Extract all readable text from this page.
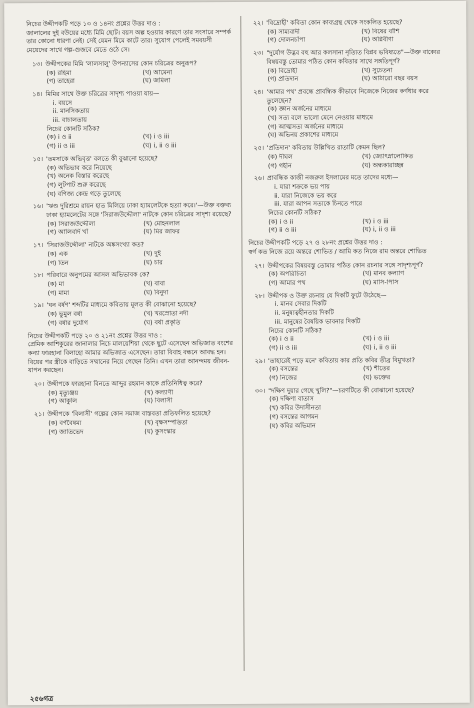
নিচের উদ্দীপকটি পড়ে ১৩ ও ১৪নং প্রশ্নের উত্তর দাও :
জালালের দুই বউয়ের মধ্যে মিমি ছোট। বয়স অল্প হওয়ার কারণে তার সংসারে সম্পর্ক তার কোনো ধারণা নেই। সেই যেমন মিমে কাটে তার। সুযোগ পেলেই সমবয়সী মেয়েদের সাথে গল্প-গুজবে মেতে ওঠে সে।
১৩। উদ্দীপকের মিমি 'লালসালু' উপন্যাসের কোন চরিত্রের অনুরূপ?
(ক) রহিমা	(খ) আমেনা
(গ) তাহেরা	(ঘ) জমিলা
১৪। মিমির সাথে উক্ত চরিত্রের সাদৃশ্য পাওয়া যায়—
i. বয়সে
ii. মানসিকতায়
iii. বাচালতায়
নিচের কোনটি সঠিক?
(ক) i ও ii	(খ) i ও iii
(গ) ii ও iii	(ঘ) i, ii ও iii
১৫। 'তমসাকে অভিবৃত্ত' বলতে কী বুঝানো হয়েছে?
(ক) অভিভাব করে নিয়েছে
(খ) অনেক বিস্তার করেছে
(গ) লুটপাট শুরু করেছে
(ঘ) বণিজ্য কেন্দ্র গড়ে তুলেছে
১৬। 'ঋণ্ড দুরিশ্রমে রায়ন হাত মিলিয়ে ঢাকা হ্যামলেটকে হত্যা করে।'—উক্ত বক্তব্য ঢাকা হ্যামলেটের সঙ্গে 'সিরাজউদ্দৌলা' নাটকে কোন চরিত্রের সাদৃশ্য রয়েছে?
(ক) সিরাজউদ্দৌলা	(খ) মোহনলাল
(গ) আলিবর্দি খাঁ	(ঘ) মির জাফর
১৭। 'সিরাজউদ্দৌলা' নাটকে অঙ্কসংখ্যা কত?
(ক) এক	(খ) দুই
(গ) তিন	(ঘ) চার
১৮। পরিবারে অনুপমের আসল অভিভাবক কে?
(ক) মা	(খ) বাবা
(গ) মামা	(ঘ) বিনুদা
১৯। 'ঘন বর্ষণ' শব্দটির মাধ্যমে কবিতায় মূলত কী বোঝানো হয়েছে?
(ক) ভুমুল বর্ষা	(খ) খরস্রোতা নদী
(গ) বর্ষার দুর্যোগ	(ঘ) বর্ষা প্রকৃতি
নিচের উদ্দীপকটি পড়ে ২০ ও ২১নং প্রশ্নের উত্তর দাও :
প্রেমিক আশিকুরের জানালার নিচে মালয়েশিয়া থেকে ছুটে এসেছেন অভিজাত বংশের কন্যা ফারহানা বিলাহো আমার অভিজাত এসেছেন। তারা বিবাহ বন্ধনে আবদ্ধ হন। বিয়ের পর স্ত্রীকে বাড়িতে সম্মানের নিয়ে গেছেন তিনি। এখন তারা আনন্দময় জীবন-যাপন করছেন।
২০। উদ্দীপকে ফারহানা বিনতে আব্দুর রহমান কাকে প্রতিনিধিত্ব করে?
(ক) মৃত্যুঞ্জয়	(খ) কল্যাণী
(গ) আকুলি	(ঘ) বিলাসী
২১। উদ্দীপকে 'বিলাসী' গল্পের কোন সমাজ বাস্তবতা প্রতিফলিত হয়েছে?
(ক) বর্ণবৈষম্য	(খ) বৃক্ষসম্পত্তিতা
(গ) জাতিভেদ	(ঘ) কুসংস্কার
২২। 'বিদ্রোহী' কবিতা কোন কাব্যগ্রন্থ থেকে সংকলিত হয়েছে?
(ক) সাম্যবাদী	(খ) বিষের বাঁশি
(গ) দোলনচাঁপা	(ঘ) অগ্নিবীণা
২৩। "দুর্যোগ উদ্ভব বহু আর কলসানা নৃত্যিত বিপ্লব ভবিষ্যতে"—উক্ত বাক্যের বিষয়বস্তু তোমার পঠিত কোন কবিতার সাথে সঙ্গতিপূর্ণ?
(ক) বিদ্রোহী	(খ) সুচেতনা
(গ) প্রতিদান	(ঘ) আঠারো বছর বয়স
২৪। 'আমার পথ' প্রবন্ধে প্রাবন্ধিক কীভাবে নিজেকে নিজের কর্ণধার করে তুলেছেন?
(ক) জ্ঞান অর্জনের মাধ্যমে
(খ) সত্য বলে ভালো মেনে নেওয়ার মাধ্যমে
(গ) আত্মসত্য অর্জনের মাধ্যমে
(ঘ) অভিনয় প্রকাশের মাধ্যমে
২৫। 'প্রতিদান' কবিতায় উল্লিখিত রাতাটি কেমন ছিল?
(ক) দীঘল	(খ) জ্যোৎস্নালোকিত
(গ) গহীন	(ঘ) অন্ধকারাচ্ছন্ন
২৬। প্রাবন্ধিক কাজী নজরুল ইসলামের মতে তাদের মধ্যে—
i. যারা শক্রকে ভয় পায়
ii. যারা নিজেকে ভয় করে
iii. যারা আপন সত্যকে চিনতে পারে
নিচের কোনটি সঠিক?
(ক) i ও ii	(খ) i ও iii
(গ) ii ও iii	(ঘ) i, ii ও iii
নিচের উদ্দীপকটি পড়ে ২৭ ও ২৮নং প্রশ্নের উত্তর দাও :
স্বর্গ কত নিজে রয়ে অন্তরে শোভিত / আমি কত নিজে রাম অন্তরে শোভিত
২৭। উদ্দীপকের বিষয়বস্তু তোমার পঠিত কোন রচনার সঙ্গে সাদৃশ্যপূর্ণ?
(ক) অপরিচিতা	(খ) মানব কল্যাণ
(গ) আমার পথ	(ঘ) মাসি-পিসি
২৮। উদ্দীপক ও উক্ত রচনায় যে দিকটি ফুটে উঠেছে—
i. মানব সেবার দিকটি
ii. মনুষ্যত্বহীনতার দিকটি
iii. মানুষের বৈষয়িক ভাবনার দিকটি
নিচের কোনটি সঠিক?
(ক) i ও ii	(খ) i ও iii
(গ) ii ও iii	(ঘ) i, ii ও iii
২৯। 'তাহারেই পড়ে মনে' কবিতায় কার প্রতি কবির তীব্র বিমুখতা?
(ক) বসন্তের	(খ) শীতের
(গ) নিজের	(ঘ) ভক্তের
৩০। "দক্ষিণ দুয়ার গেছে খুলি?"—চরণটিতে কী বোঝানো হয়েছে?
(ক) দক্ষিণা বাতাস
(খ) কবির উদাসীনতা
(গ) বসন্তের আগমন
(ঘ) কবির অভিমান
২৫৬গত্র
